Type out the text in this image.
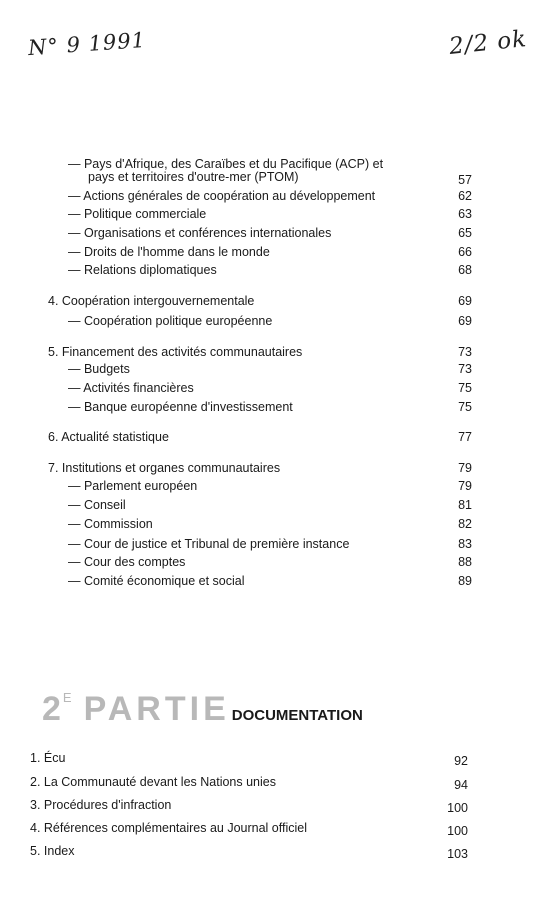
N° 9 1991	2/2 ok
— Pays d'Afrique, des Caraïbes et du Pacifique (ACP) et
pays et territoires d'outre-mer (PTOM)	57
— Actions générales de coopération au développement	62
— Politique commerciale	63
— Organisations et conférences internationales	65
— Droits de l'homme dans le monde	66
— Relations diplomatiques	68
4. Coopération intergouvernementale	69
— Coopération politique européenne	69
5. Financement des activités communautaires	73
— Budgets	73
— Activités financières	75
— Banque européenne d'investissement	75
6. Actualité statistique	77
7. Institutions et organes communautaires	79
— Parlement européen	79
— Conseil	81
— Commission	82
— Cour de justice et Tribunal de première instance	83
— Cour des comptes	88
— Comité économique et social	89
$2^E$ PARTIE DOCUMENTATION
1. Écu	92
2. La Communauté devant les Nations unies	94
3. Procédures d'infraction	100
4. Références complémentaires au Journal officiel	100
5. Index	103
